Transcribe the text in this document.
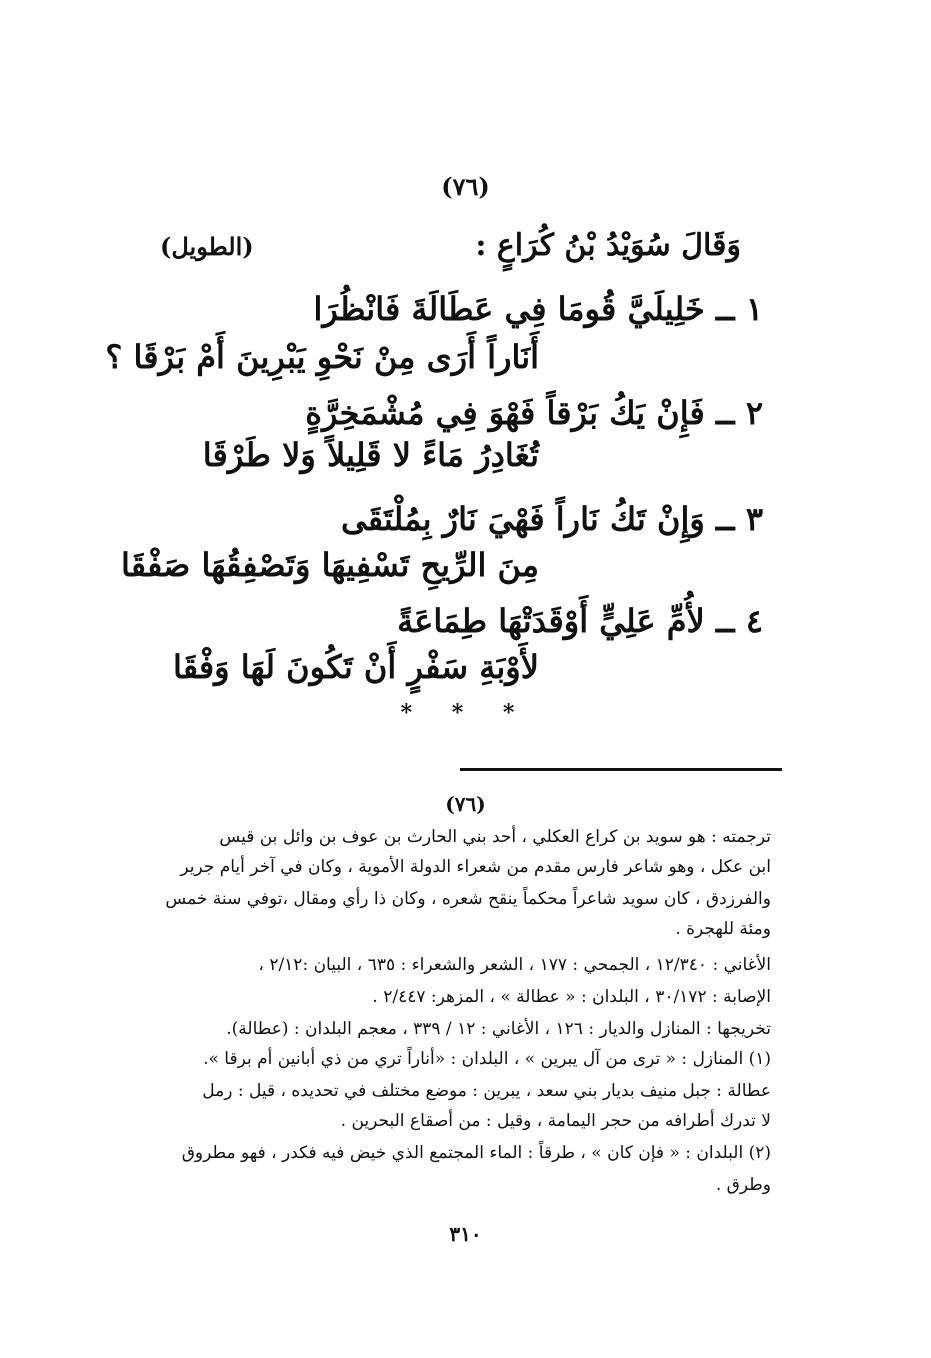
(٧٦)
وَقَالَ سُوَيْدُ بْنُ كُرَاعٍ :
(الطويل)
١ ــ خَلِيلَيَّ قُومَا فِي عَطَالَةَ فَانْظُرَا
أَنَاراً أَرَى مِنْ نَحْوِ يَبْرِينَ أَمْ بَرْقَا ؟
٢ ــ فَإِنْ يَكُ بَرْقاً فَهْوَ فِي مُشْمَخِرَّةٍ
تُغَادِرُ مَاءً لا قَلِيلاً وَلا طَرْقَا
٣ ــ وَإِنْ تَكُ نَاراً فَهْيَ نَارٌ بِمُلْتَقَى
مِنَ الرِّيحِ تَسْفِيهَا وَتَصْفِقُهَا صَفْقَا
٤ ــ لأُمِّ عَلِيٍّ أَوْقَدَتْهَا طِمَاعَةً
لأَوْبَةِ سَفْرٍ أَنْ تَكُونَ لَهَا وَفْقَا
* * *
(٧٦)
ترجمته : هو سويد بن كراع العكلي ، أحد بني الحارث بن عوف بن وائل بن قيس
ابن عكل ، وهو شاعر فارس مقدم من شعراء الدولة الأموية ، وكان في آخر أيام جرير
والفرزدق ، كان سويد شاعراً محكماً ينقح شعره ، وكان ذا رأي ومقال ،توفي سنة خمس
ومئة للهجرة .
الأغاني : ١٢/٣٤٠ ، الجمحي : ١٧٧ ، الشعر والشعراء : ٦٣٥ ، البيان :٢/١٢ ،
الإصابة : ٣٠/١٧٢ ، البلدان : « عطالة » ، المزهر: ٢/٤٤٧ .
تخريجها : المنازل والديار : ١٢٦ ، الأغاني : ١٢ / ٣٣٩ ، معجم البلدان : (عطالة).
(١) المنازل : « ترى من آل يبرين » ، البلدان : «أناراً تري من ذي أبانين أم برقا ».
عطالة : جبل منيف بديار بني سعد ، يبرين : موضع مختلف في تحديده ، قيل : رمل
لا تدرك أطرافه من حجر اليمامة ، وقيل : من أصقاع البحرين .
(٢) البلدان : « فإن كان » ، طرقاً : الماء المجتمع الذي خيض فيه فكدر ، فهو مطروق
وطرق .
٣١٠
